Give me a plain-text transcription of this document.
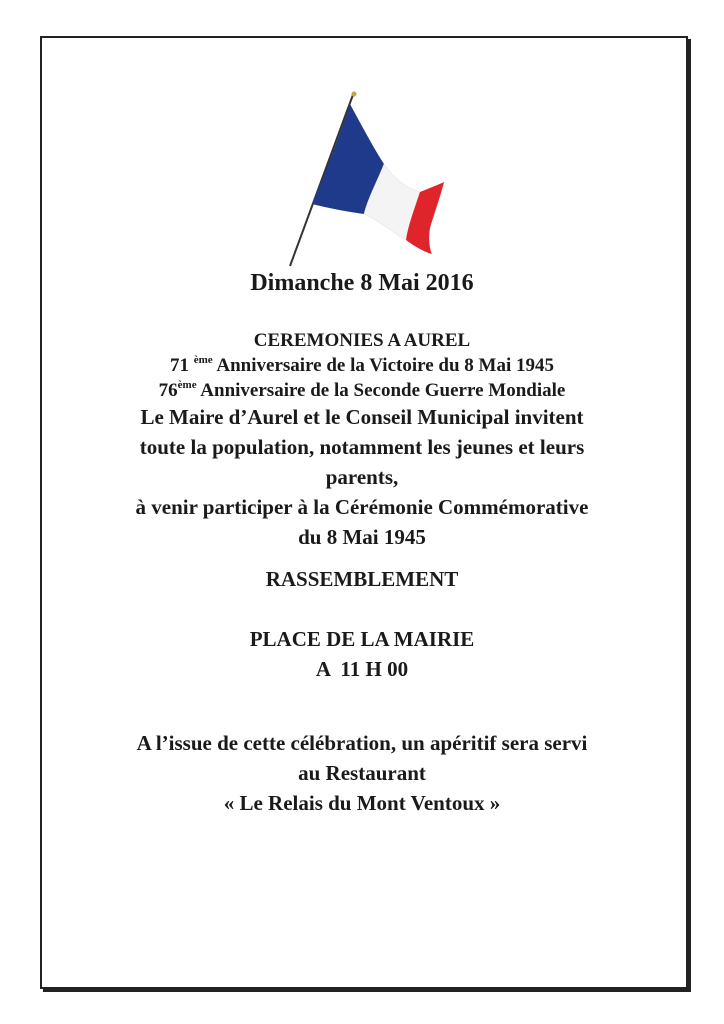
Dimanche 8 Mai 2016
CEREMONIES A AUREL
71 $^{ème}$ Anniversaire de la Victoire du 8 Mai 1945
76ème Anniversaire de la Seconde Guerre Mondiale
Le Maire d’Aurel et le Conseil Municipal invitent
toute la population, notamment les jeunes et leurs
parents,
à venir participer à la Cérémonie Commémorative
du 8 Mai 1945
RASSEMBLEMENT
PLACE DE LA MAIRIE
A  11 H 00
A l’issue de cette célébration, un apéritif sera servi
au Restaurant
« Le Relais du Mont Ventoux »
